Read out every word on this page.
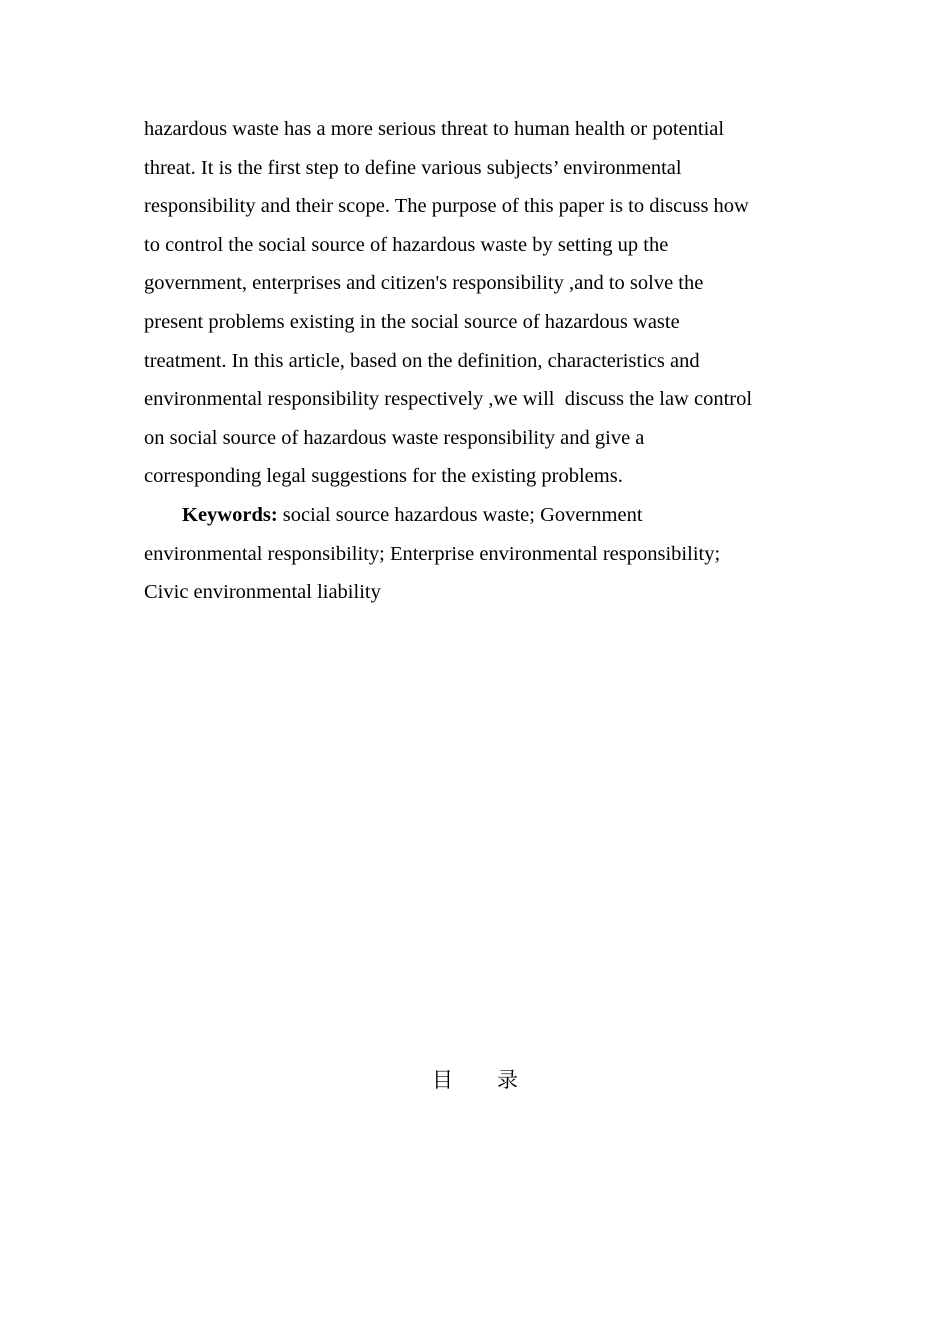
hazardous waste has a more serious threat to human health or potential
threat. It is the first step to define various subjects’ environmental
responsibility and their scope. The purpose of this paper is to discuss how
to control the social source of hazardous waste by setting up the
government, enterprises and citizen's responsibility ,and to solve the
present problems existing in the social source of hazardous waste
treatment. In this article, based on the definition, characteristics and
environmental responsibility respectively ,we will  discuss the law control
on social source of hazardous waste responsibility and give a
corresponding legal suggestions for the existing problems.
Keywords: social source hazardous waste; Government
environmental responsibility; Enterprise environmental responsibility;
Civic environmental liability
目 录
